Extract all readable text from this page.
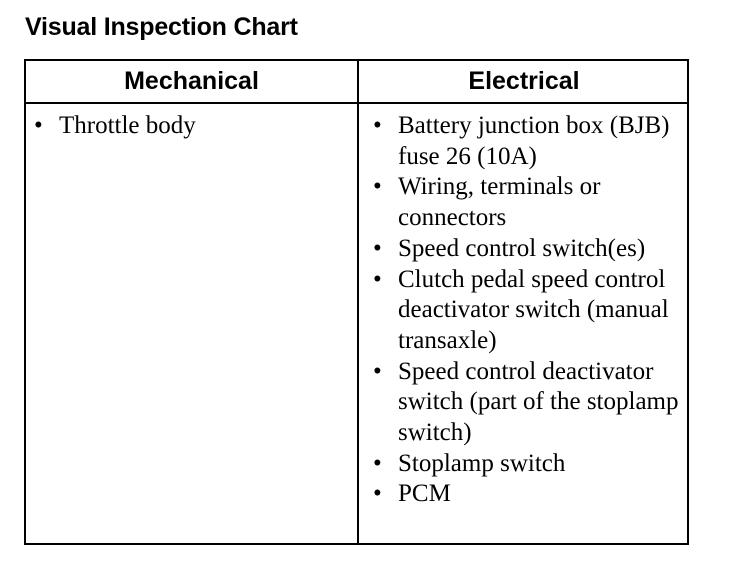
Visual Inspection Chart
Mechanical	Electrical
• Throttle body	• Battery junction box (BJB) fuse 26 (10A)
• Wiring, terminals or connectors
• Speed control switch(es)
• Clutch pedal speed control deactivator switch (manual transaxle)
• Speed control deactivator switch (part of the stoplamp switch)
• Stoplamp switch
• PCM
